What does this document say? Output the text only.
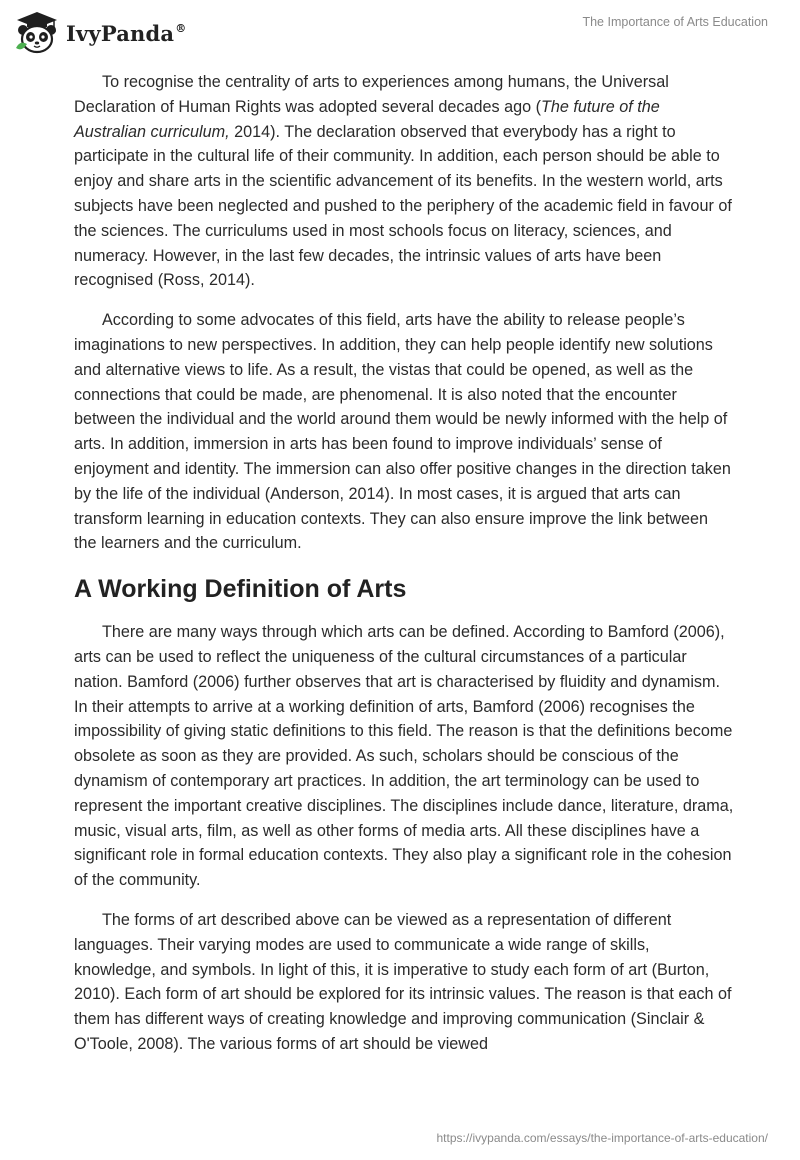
IvyPanda®	The Importance of Arts Education

To recognise the centrality of arts to experiences among humans, the Universal Declaration of Human Rights was adopted several decades ago (The future of the Australian curriculum, 2014). The declaration observed that everybody has a right to participate in the cultural life of their community. In addition, each person should be able to enjoy and share arts in the scientific advancement of its benefits. In the western world, arts subjects have been neglected and pushed to the periphery of the academic field in favour of the sciences. The curriculums used in most schools focus on literacy, sciences, and numeracy. However, in the last few decades, the intrinsic values of arts have been recognised (Ross, 2014).

According to some advocates of this field, arts have the ability to release people’s imaginations to new perspectives. In addition, they can help people identify new solutions and alternative views to life. As a result, the vistas that could be opened, as well as the connections that could be made, are phenomenal. It is also noted that the encounter between the individual and the world around them would be newly informed with the help of arts. In addition, immersion in arts has been found to improve individuals’ sense of enjoyment and identity. The immersion can also offer positive changes in the direction taken by the life of the individual (Anderson, 2014). In most cases, it is argued that arts can transform learning in education contexts. They can also ensure improve the link between the learners and the curriculum.

A Working Definition of Arts

There are many ways through which arts can be defined. According to Bamford (2006), arts can be used to reflect the uniqueness of the cultural circumstances of a particular nation. Bamford (2006) further observes that art is characterised by fluidity and dynamism. In their attempts to arrive at a working definition of arts, Bamford (2006) recognises the impossibility of giving static definitions to this field. The reason is that the definitions become obsolete as soon as they are provided. As such, scholars should be conscious of the dynamism of contemporary art practices. In addition, the art terminology can be used to represent the important creative disciplines. The disciplines include dance, literature, drama, music, visual arts, film, as well as other forms of media arts. All these disciplines have a significant role in formal education contexts. They also play a significant role in the cohesion of the community.

The forms of art described above can be viewed as a representation of different languages. Their varying modes are used to communicate a wide range of skills, knowledge, and symbols. In light of this, it is imperative to study each form of art (Burton, 2010). Each form of art should be explored for its intrinsic values. The reason is that each of them has different ways of creating knowledge and improving communication (Sinclair & O'Toole, 2008). The various forms of art should be viewed

https://ivypanda.com/essays/the-importance-of-arts-education/
